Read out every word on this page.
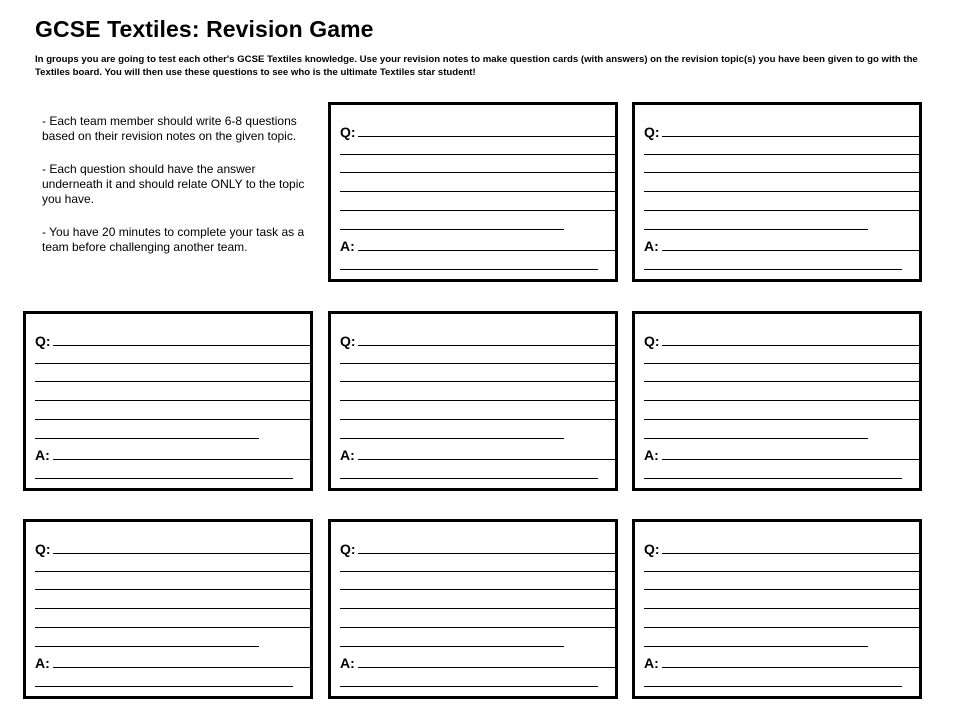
GCSE Textiles: Revision Game

In groups you are going to test each other's GCSE Textiles knowledge. Use your revision notes to make question cards (with answers) on the revision topic(s) you have been given to go with the Textiles board. You will then use these questions to see who is the ultimate Textiles star student!

- Each team member should write 6-8 questions based on their revision notes on the given topic.

- Each question should have the answer underneath it and should relate ONLY to the topic you have.

- You have 20 minutes to complete your task as a team before challenging another team.

Q:
A:
Q:
A:
Q:
A:
Q:
A:
Q:
A:
Q:
A:
Q:
A:
Q:
A:
